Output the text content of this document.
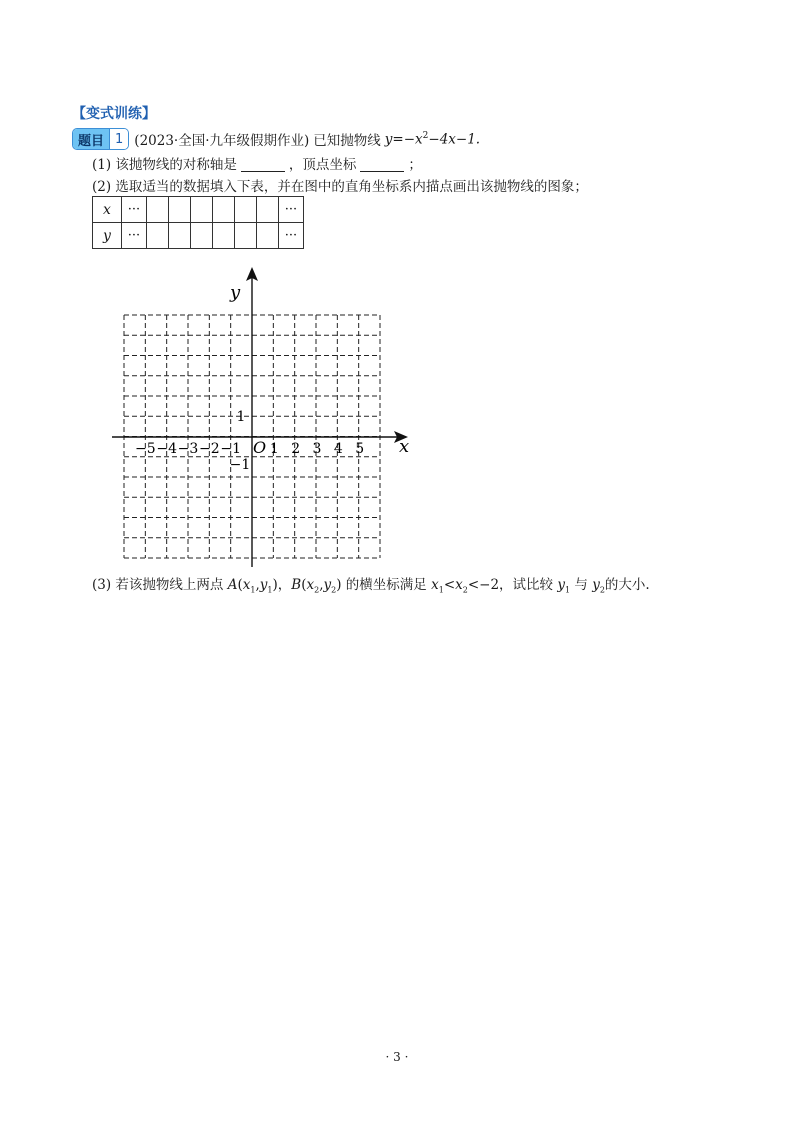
【变式训练】
题目 1 (2023·全国·九年级假期作业) 已知抛物线 $y=-x^2-4x-1$.
(1) 该抛物线的对称轴是	，顶点坐标	；
(2) 选取适当的数据填入下表，并在图中的直角坐标系内描点画出该抛物线的图象；
x	···							···
y	···							···
y
x
O
−5 −4 −3 −2 −1 1 2 3 4 5
1
−1
(3) 若该抛物线上两点 $A(x_1,y_1)$，$B(x_2,y_2)$ 的横坐标满足 $x_1<x_2<-2$，试比较 $y_1$ 与 $y_2$的大小.
· 3 ·
